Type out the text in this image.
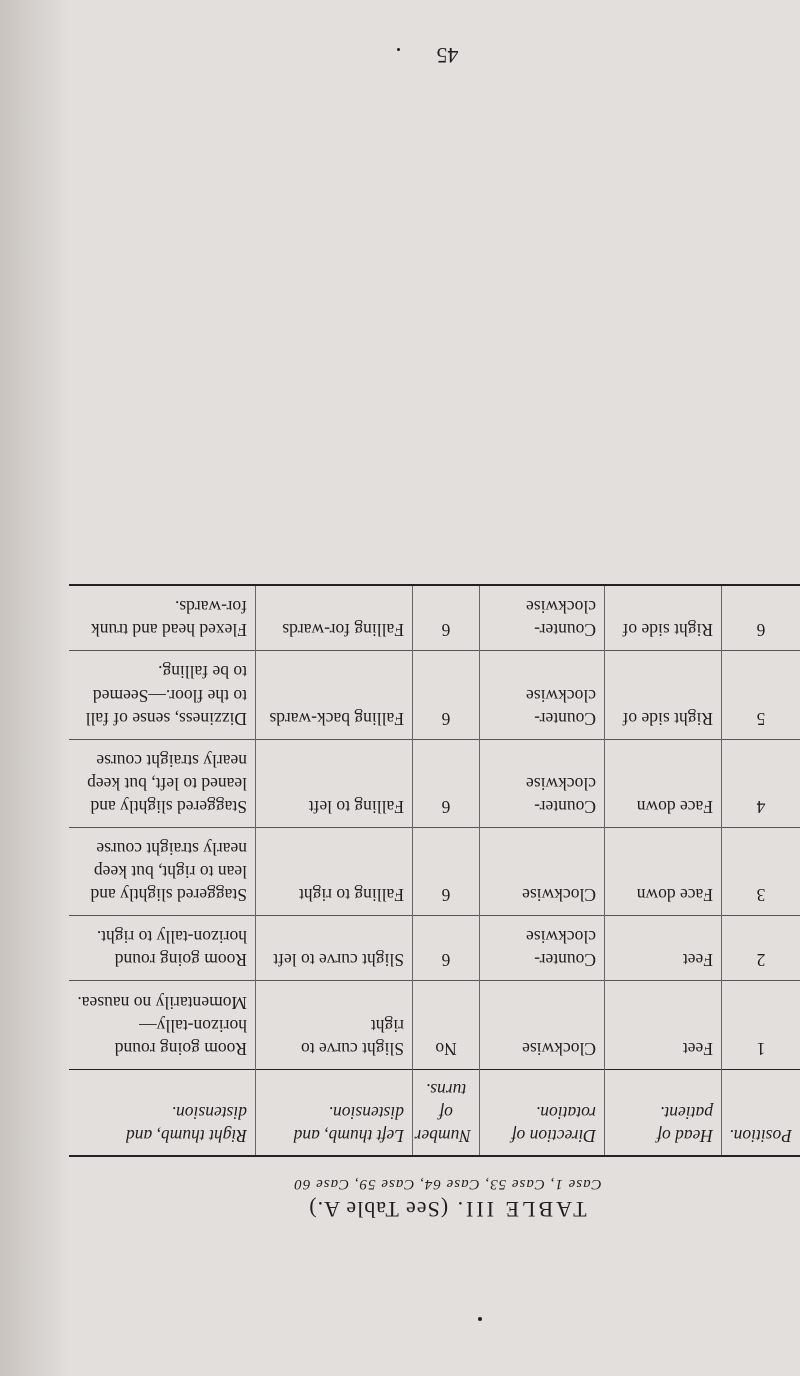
TABLE III. (See Table A.)
Case 1, Case 53, Case 64, Case 59, Case 60
Position.	Head of patient.	Direction of rotation.	Number of turns.	Left thumb, and distension.	Right thumb, and distension.
1	Feet	Clockwise	No	Slight curve to right	Room going round horizon-tally—Momentarily no nausea.
2	Feet	Counter-clockwise	6	Slight curve to left	Room going round horizon-tally to right.
3	Face down	Clockwise	6	Falling to right	Staggered slightly and lean to right, but keep nearly straight course
4	Face down	Counter-clockwise	6	Falling to left	Staggered slightly and leaned to left, but keep nearly straight course
5	Right side of	Counter-clockwise	6	Falling back-wards	Dizziness, sense of fall to the floor.—Seemed to be falling.
6	Right side of	Counter-clockwise	6	Falling for-wards	Flexed head and trunk for-wards.
45
